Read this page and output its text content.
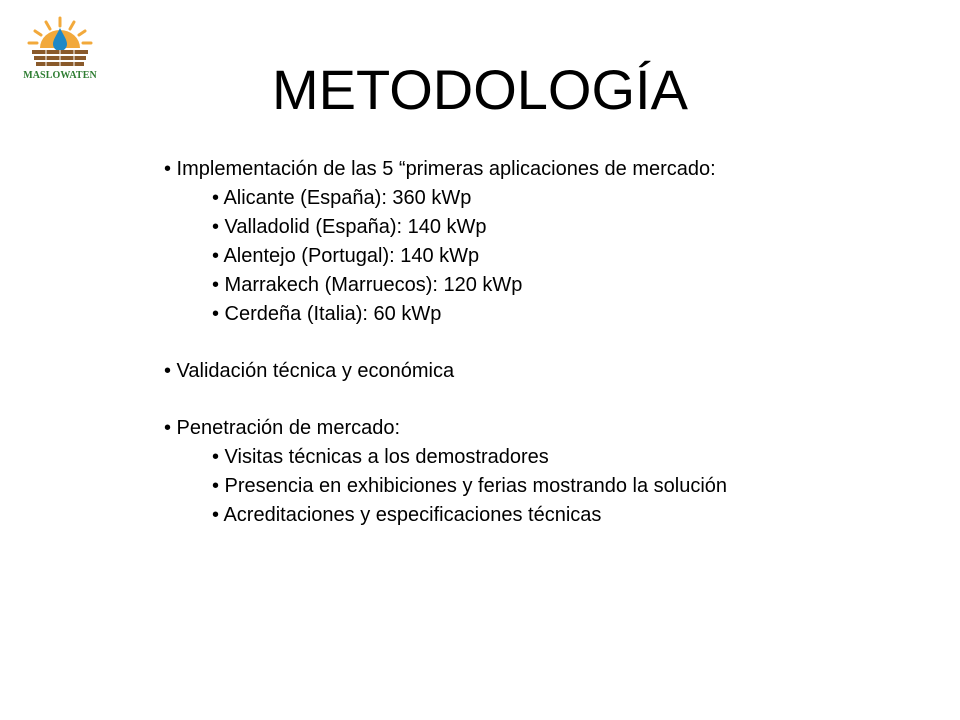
MASLOWATEN	METODOLOGÍA
• Implementación de las 5 “primeras aplicaciones de mercado:
• Alicante (España): 360 kWp
• Valladolid (España): 140 kWp
• Alentejo (Portugal): 140 kWp
• Marrakech (Marruecos): 120 kWp
• Cerdeña (Italia): 60 kWp
• Validación técnica y económica
• Penetración de mercado:
• Visitas técnicas a los demostradores
• Presencia en exhibiciones y ferias mostrando la solución
• Acreditaciones y especificaciones técnicas
